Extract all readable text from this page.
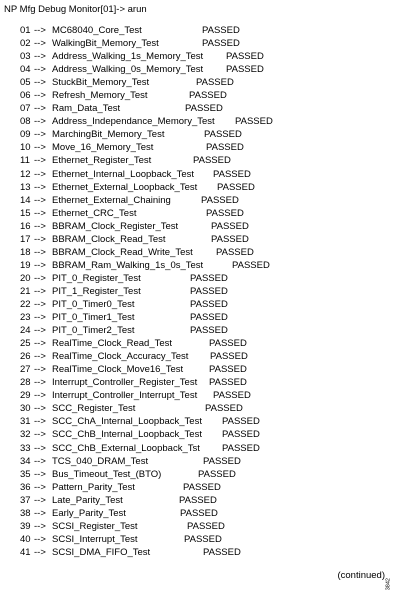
NP Mfg Debug Monitor[01]-> arun
01 --> MC68040_Core_Test	PASSED
02 --> WalkingBit_Memory_Test	PASSED
03 --> Address_Walking_1s_Memory_Test PASSED
04 --> Address_Walking_0s_Memory_Test PASSED
05 --> StuckBit_Memory_Test	PASSED
06 --> Refresh_Memory_Test	PASSED
07 --> Ram_Data_Test	PASSED
08 --> Address_Independance_Memory_Test PASSED
09 --> MarchingBit_Memory_Test	PASSED
10 --> Move_16_Memory_Test	PASSED
11 --> Ethernet_Register_Test	PASSED
12 --> Ethernet_Internal_Loopback_Test PASSED
13 --> Ethernet_External_Loopback_Test PASSED
14 --> Ethernet_External_Chaining	PASSED
15 --> Ethernet_CRC_Test	PASSED
16 --> BBRAM_Clock_Register_Test	PASSED
17 --> BBRAM_Clock_Read_Test	PASSED
18 --> BBRAM_Clock_Read_Write_Test PASSED
19 --> BBRAM_Ram_Walking_1s_0s_Test	PASSED
20 --> PIT_0_Register_Test	PASSED
21 --> PIT_1_Register_Test	PASSED
22 --> PIT_0_Timer0_Test	PASSED
23 --> PIT_0_Timer1_Test	PASSED
24 --> PIT_0_Timer2_Test	PASSED
25 --> RealTime_Clock_Read_Test	PASSED
26 --> RealTime_Clock_Accuracy_Test PASSED
27 --> RealTime_Clock_Move16_Test	PASSED
28 --> Interrupt_Controller_Register_Test PASSED
29 --> Interrupt_Controller_Interrupt_Test PASSED
30 --> SCC_Register_Test	PASSED
31 --> SCC_ChA_Internal_Loopback_Test PASSED
32 --> SCC_ChB_Internal_Loopback_Test PASSED
33 --> SCC_ChB_External_Loopback_Tst PASSED
34 --> TCS_040_DRAM_Test	PASSED
35 --> Bus_Timeout_Test_(BTO)	PASSED
36 --> Pattern_Parity_Test	PASSED
37 --> Late_Parity_Test	PASSED
38 --> Early_Parity_Test	PASSED
39 --> SCSI_Register_Test	PASSED
40 --> SCSI_Interrupt_Test	PASSED
41 --> SCSI_DMA_FIFO_Test	PASSED
(continued)
3842
